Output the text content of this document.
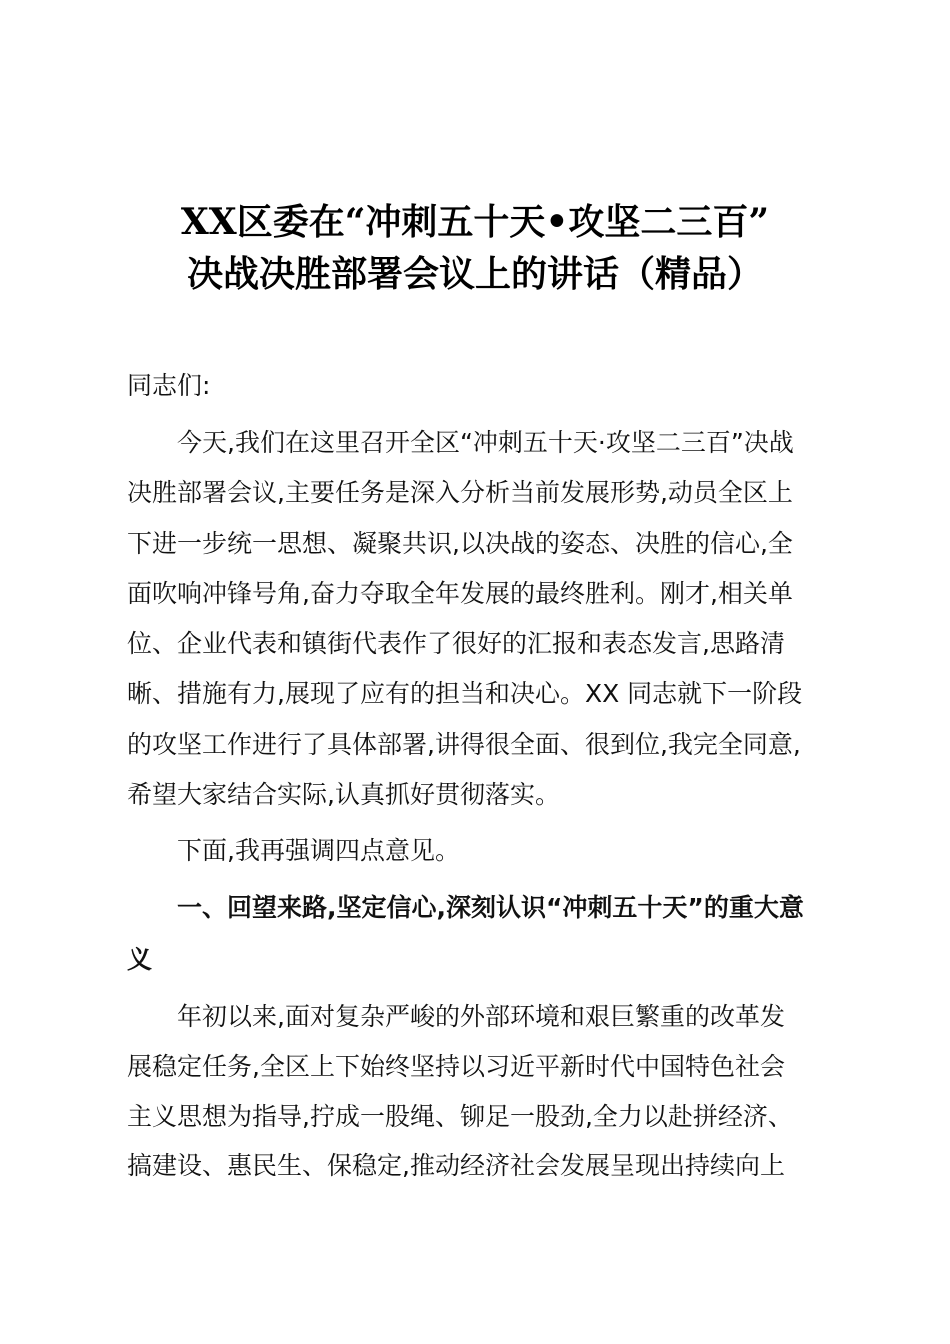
XX区委在“冲刺五十天•攻坚二三百”
决战决胜部署会议上的讲话（精品）
同志们:
今天,我们在这里召开全区“冲刺五十天·攻坚二三百”决战
决胜部署会议,主要任务是深入分析当前发展形势,动员全区上
下进一步统一思想、凝聚共识,以决战的姿态、决胜的信心,全
面吹响冲锋号角,奋力夺取全年发展的最终胜利。刚才,相关单
位、企业代表和镇街代表作了很好的汇报和表态发言,思路清
晰、措施有力,展现了应有的担当和决心。XX 同志就下一阶段
的攻坚工作进行了具体部署,讲得很全面、很到位,我完全同意,
希望大家结合实际,认真抓好贯彻落实。
下面,我再强调四点意见。
一、回望来路,坚定信心,深刻认识“冲刺五十天”的重大意
义
年初以来,面对复杂严峻的外部环境和艰巨繁重的改革发
展稳定任务,全区上下始终坚持以习近平新时代中国特色社会
主义思想为指导,拧成一股绳、铆足一股劲,全力以赴拼经济、
搞建设、惠民生、保稳定,推动经济社会发展呈现出持续向上
